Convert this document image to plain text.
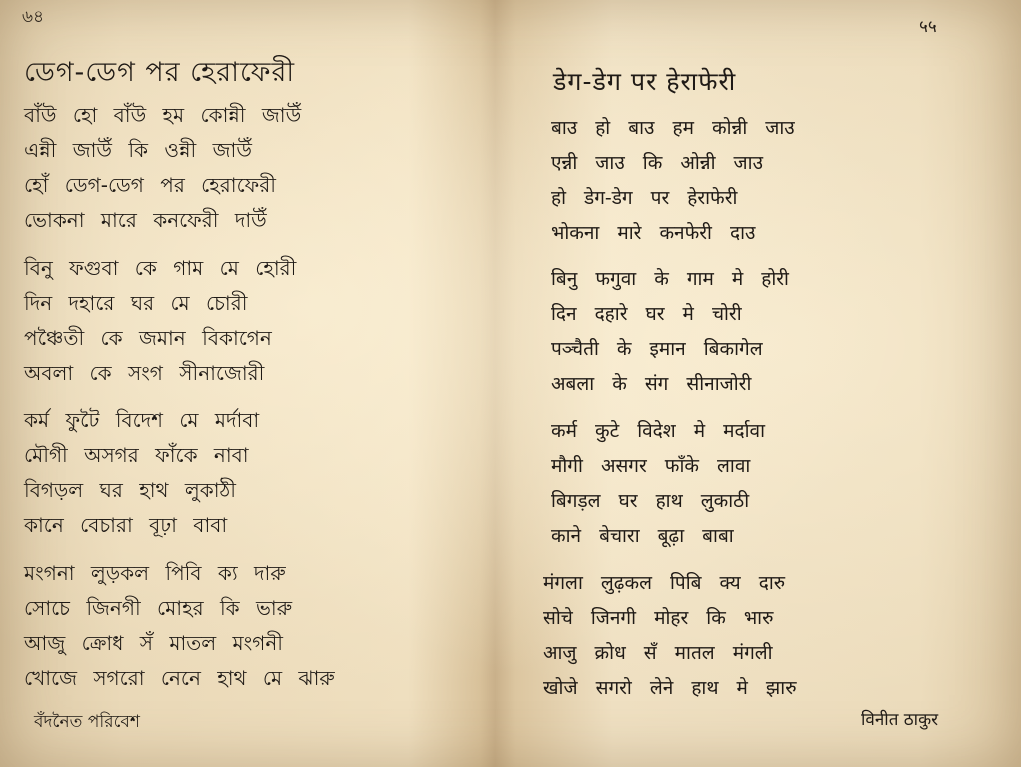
৬৪
ডেগ-ডেগ পর হেরাফেরী
বাঁউ হো বাঁউ হম কোন্নী জাউঁ
এন্নী জাউঁ কি ওন্নী জাউঁ
হোঁ ডেগ-ডেগ পর হেরাফেরী
ভোকনা মারে কনফেরী দাউঁ
বিনু ফগুবা কে গাম মে হোরী
দিন দহারে ঘর মে চোরী
পঞ্চৈতী কে জমান বিকাগেন
অবলা কে সংগ সীনাজোরী
কর্ম ফুটৈ বিদেশ মে মর্দাবা
মৌগী অসগর ফাঁকে নাবা
বিগড়ল ঘর হাথ লুকাঠী
কানে বেচারা বূঢ়া বাবা
মংগনা লুড়কল পিবি ক্য দারু
সোচে জিনগী মোহর কি ভারু
আজু ক্রোধ সঁ মাতল মংগনী
খোজে সগরো নেনে হাথ মে ঝারু
বঁদনৈত পরিবেশ
५५
डेग-डेग पर हेराफेरी
बाउ हो बाउ हम कोन्नी जाउ
एन्नी जाउ कि ओन्नी जाउ
हो डेग-डेग पर हेराफेरी
भोकना मारे कनफेरी दाउ
बिनु फगुवा के गाम मे होरी
दिन दहारे घर मे चोरी
पञ्चैती के इमान बिकागेल
अबला के संग सीनाजोरी
कर्म कुटे विदेश मे मर्दावा
मौगी असगर फाँके लावा
बिगड़ल घर हाथ लुकाठी
काने बेचारा बूढ़ा बाबा
मंगला लुढ़कल पिबि क्य दारु
सोचे जिनगी मोहर कि भारु
आजु क्रोध सँ मातल मंगली
खोजे सगरो लेने हाथ मे झारु
विनीत ठाकुर
